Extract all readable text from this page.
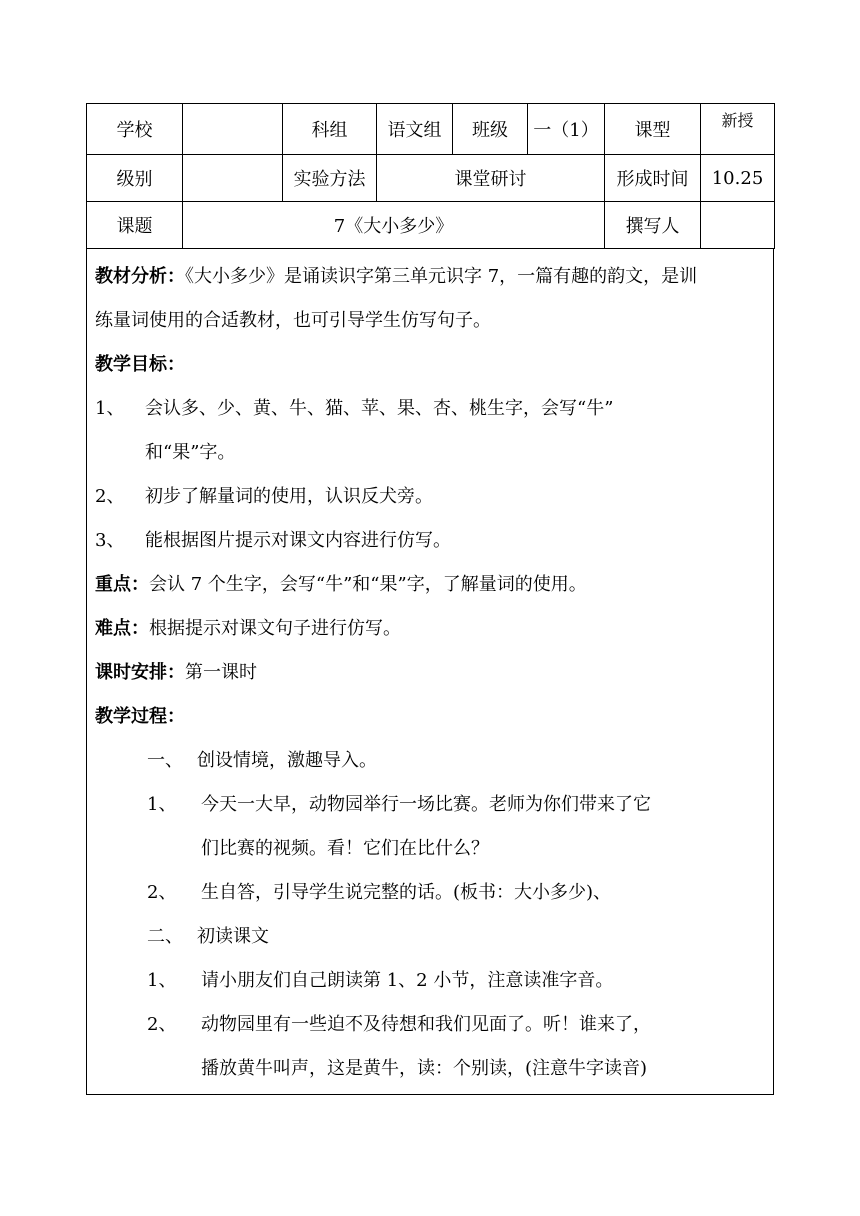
学校		科组	语文组	班级	一（1）	课型	新授
级别		实验方法	课堂研讨			形成时间	10.25
课题	7《大小多少》					撰写人	
教材分析：《大小多少》是诵读识字第三单元识字 7，一篇有趣的韵文，是训
练量词使用的合适教材，也可引导学生仿写句子。
教学目标：
1、 会认多、少、黄、牛、猫、苹、果、杏、桃生字，会写“牛”
和“果”字。
2、 初步了解量词的使用，认识反犬旁。
3、 能根据图片提示对课文内容进行仿写。
重点：会认 7 个生字，会写“牛”和“果”字，了解量词的使用。
难点：根据提示对课文句子进行仿写。
课时安排：第一课时
教学过程：
一、 创设情境，激趣导入。
1、 今天一大早，动物园举行一场比赛。老师为你们带来了它
们比赛的视频。看！它们在比什么？
2、 生自答，引导学生说完整的话。(板书：大小多少)、
二、 初读课文
1、 请小朋友们自己朗读第 1、2 小节，注意读准字音。
2、 动物园里有一些迫不及待想和我们见面了。听！谁来了，
播放黄牛叫声，这是黄牛，读：个别读，(注意牛字读音)
